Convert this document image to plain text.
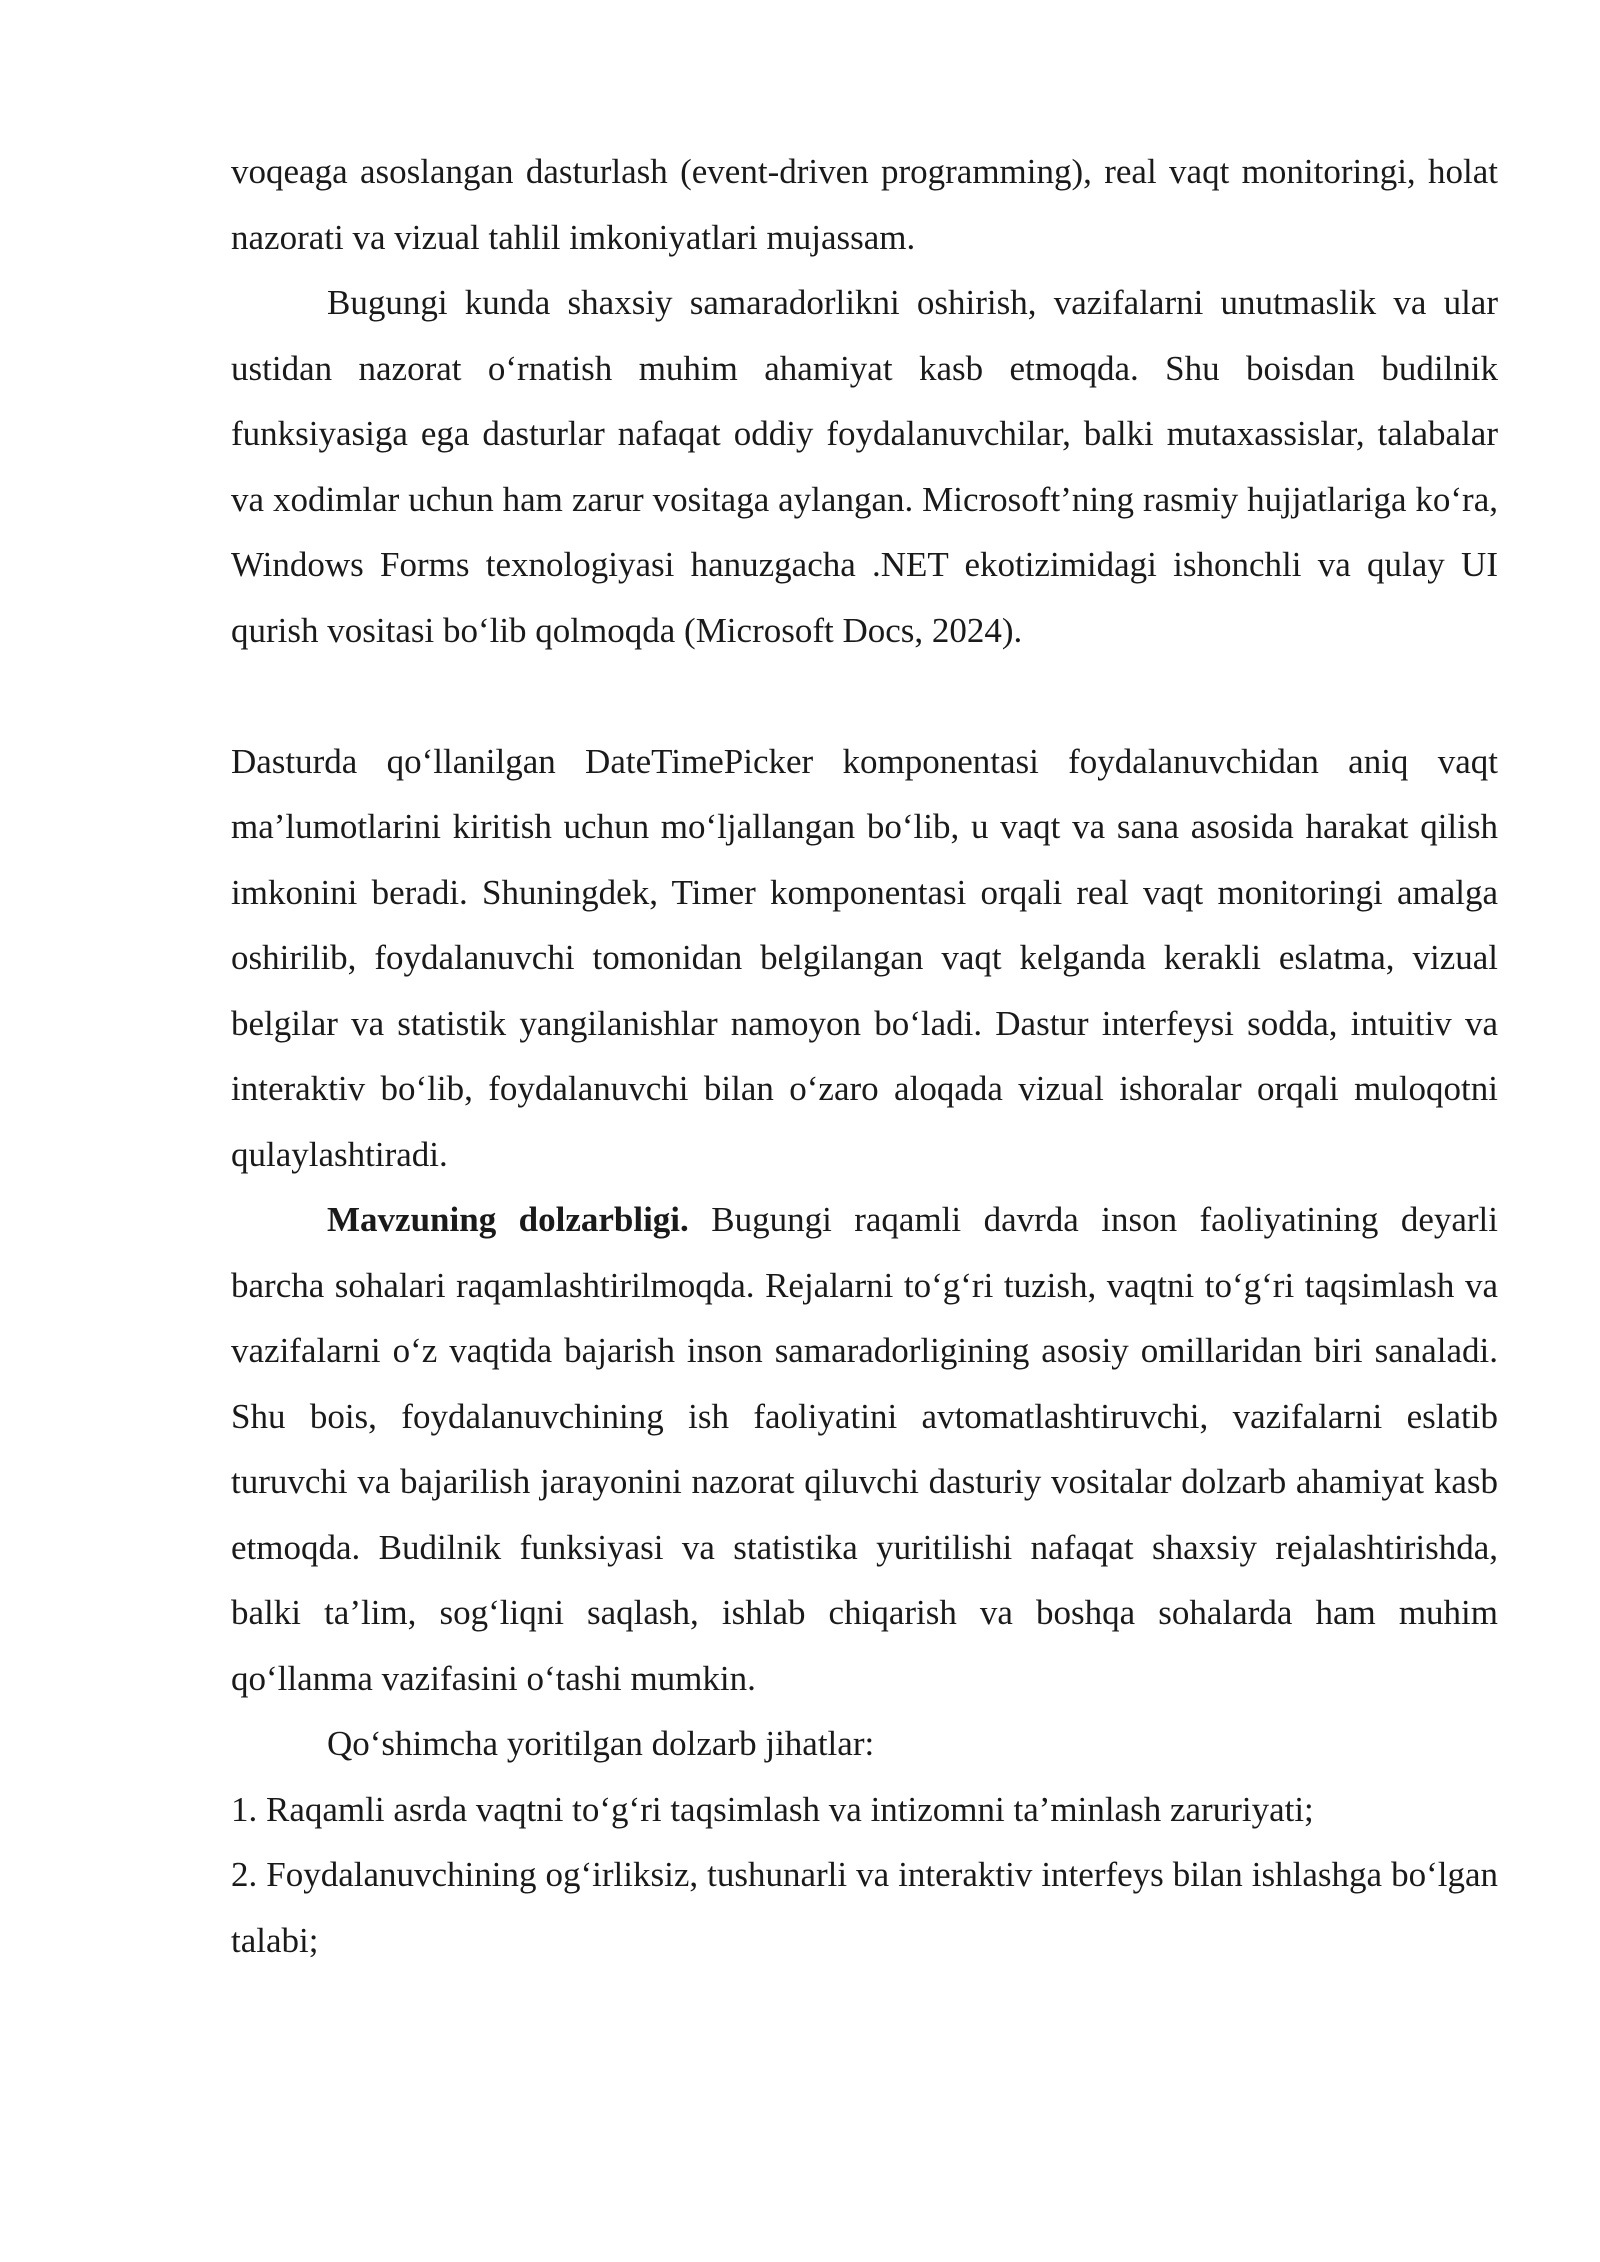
voqeaga asoslangan dasturlash (event-driven programming), real vaqt monitoringi, holat nazorati va vizual tahlil imkoniyatlari mujassam.

Bugungi kunda shaxsiy samaradorlikni oshirish, vazifalarni unutmaslik va ular ustidan nazorat o‘rnatish muhim ahamiyat kasb etmoqda. Shu boisdan budilnik funksiyasiga ega dasturlar nafaqat oddiy foydalanuvchilar, balki mutaxassislar, talabalar va xodimlar uchun ham zarur vositaga aylangan. Microsoft’ning rasmiy hujjatlariga ko‘ra, Windows Forms texnologiyasi hanuzgacha .NET ekotizimidagi ishonchli va qulay UI qurish vositasi bo‘lib qolmoqda (Microsoft Docs, 2024).

Dasturda qo‘llanilgan DateTimePicker komponentasi foydalanuvchidan aniq vaqt ma’lumotlarini kiritish uchun mo‘ljallangan bo‘lib, u vaqt va sana asosida harakat qilish imkonini beradi. Shuningdek, Timer komponentasi orqali real vaqt monitoringi amalga oshirilib, foydalanuvchi tomonidan belgilangan vaqt kelganda kerakli eslatma, vizual belgilar va statistik yangilanishlar namoyon bo‘ladi. Dastur interfeysi sodda, intuitiv va interaktiv bo‘lib, foydalanuvchi bilan o‘zaro aloqada vizual ishoralar orqali muloqotni qulaylashtiradi.

Mavzuning dolzarbligi. Bugungi raqamli davrda inson faoliyatining deyarli barcha sohalari raqamlashtirilmoqda. Rejalarni to‘g‘ri tuzish, vaqtni to‘g‘ri taqsimlash va vazifalarni o‘z vaqtida bajarish inson samaradorligining asosiy omillaridan biri sanaladi. Shu bois, foydalanuvchining ish faoliyatini avtomatlashtiruvchi, vazifalarni eslatib turuvchi va bajarilish jarayonini nazorat qiluvchi dasturiy vositalar dolzarb ahamiyat kasb etmoqda. Budilnik funksiyasi va statistika yuritilishi nafaqat shaxsiy rejalashtirishda, balki ta’lim, sog‘liqni saqlash, ishlab chiqarish va boshqa sohalarda ham muhim qo‘llanma vazifasini o‘tashi mumkin.

Qo‘shimcha yoritilgan dolzarb jihatlar:

1. Raqamli asrda vaqtni to‘g‘ri taqsimlash va intizomni ta’minlash zaruriyati;

2. Foydalanuvchining og‘irliksiz, tushunarli va interaktiv interfeys bilan ishlashga bo‘lgan talabi;
